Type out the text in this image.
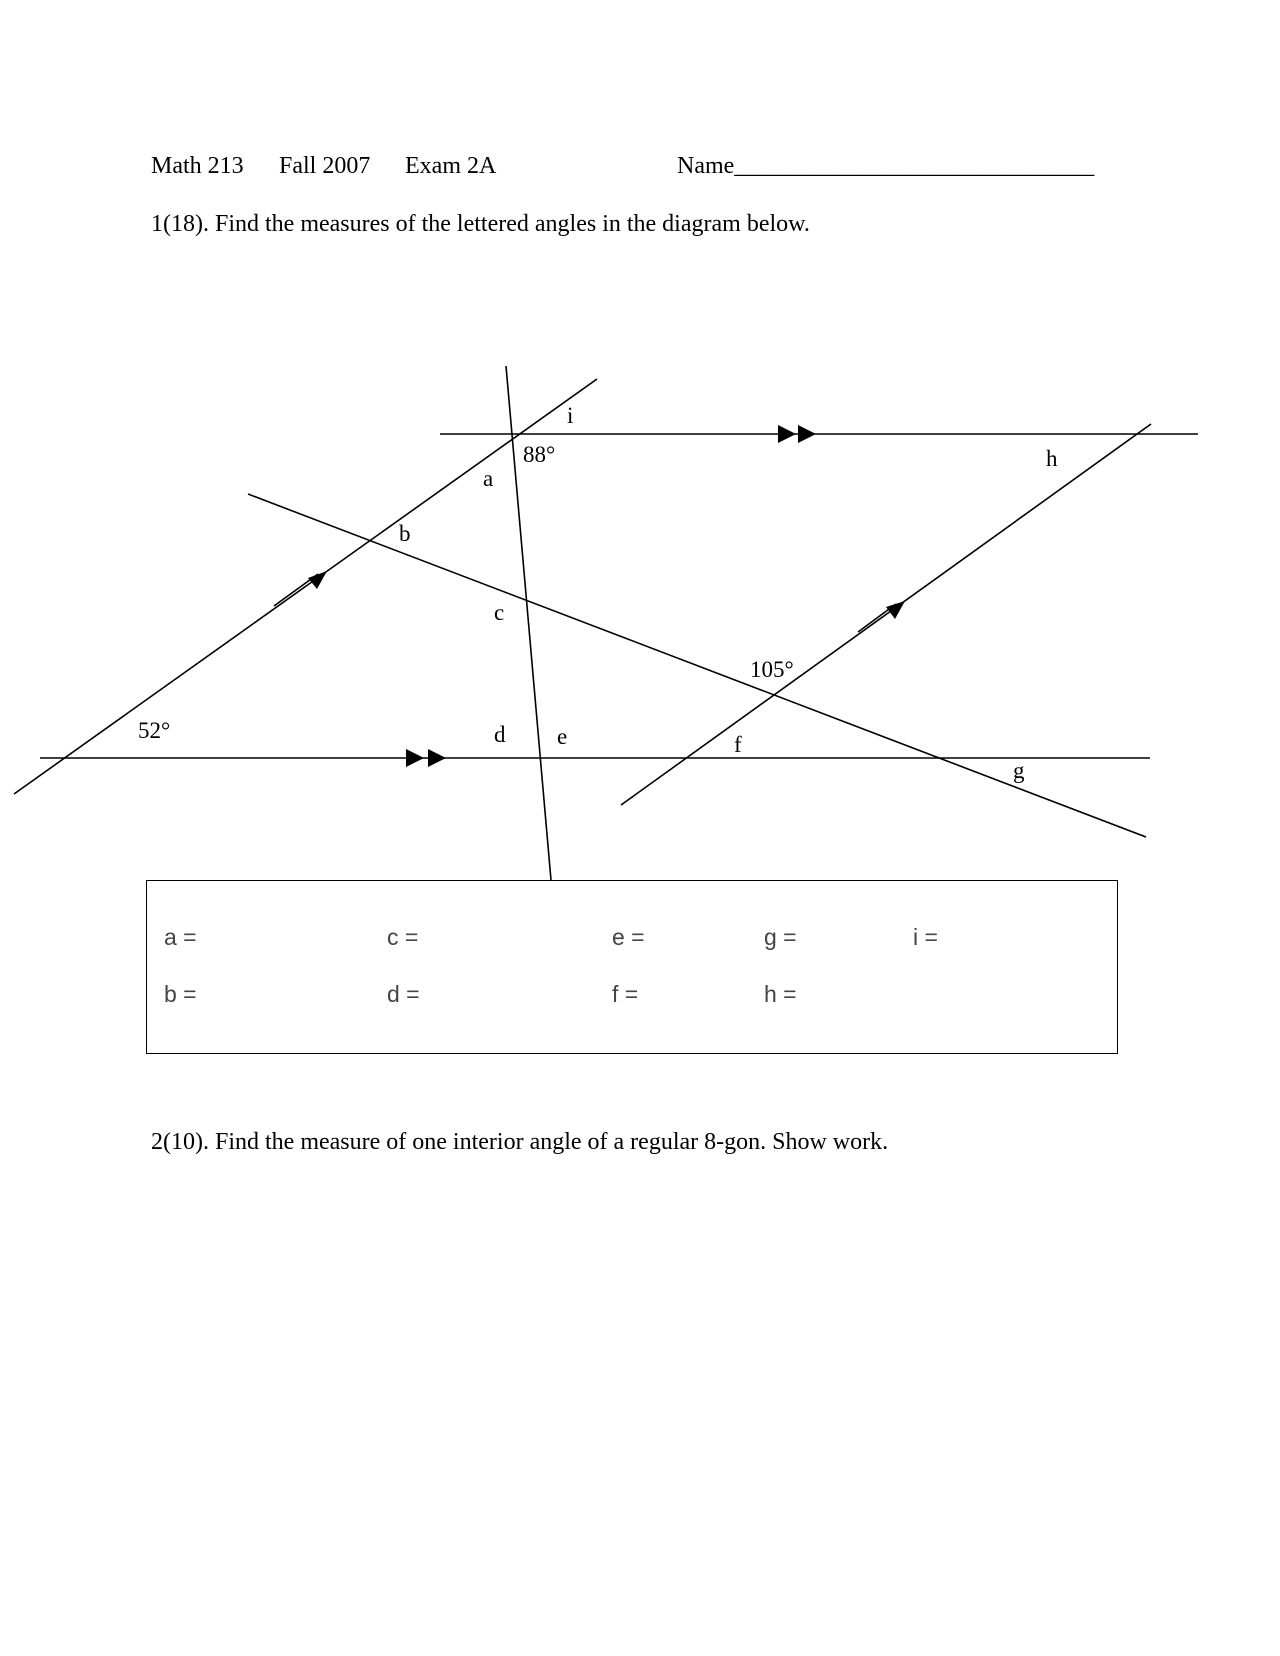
Math 213 Fall 2007 Exam 2A	Name______________________________
1(18). Find the measures of the lettered angles in the diagram below.
88°
105°
52°
i
a
b
c
d e	f
g
h
a =
b =
c =
d =
e =
f =
g =
h =
i =
2(10). Find the measure of one interior angle of a regular 8-gon. Show work.
